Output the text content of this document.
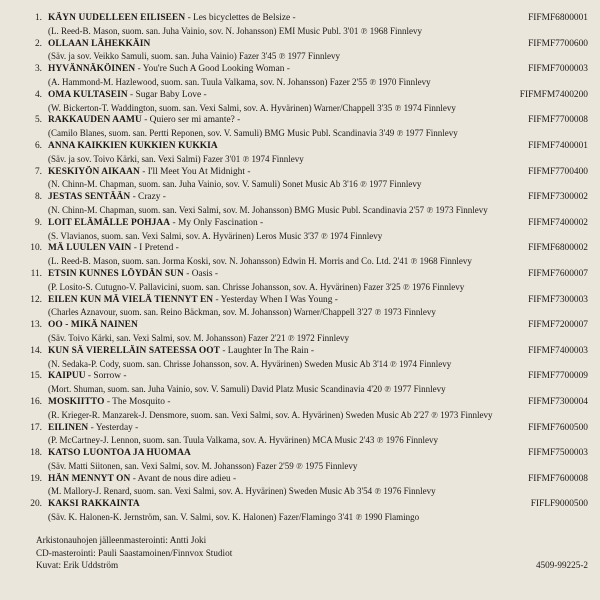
1. KÄYN UUDELLEEN EILISEEN - Les bicyclettes de Belsize -	FIFMF6800001
(L. Reed-B. Mason, suom. san. Juha Vainio, sov. N. Johansson) EMI Music Publ. 3'01 ℗ 1968 Finnlevy
2. OLLAAN LÄHEKKÄIN	FIFMF7700600
(Säv. ja sov. Veikko Samuli, suom. san. Juha Vainio) Fazer 3'45 ℗ 1977 Finnlevy
3. HYVÄNNÄKÖINEN - You're Such A Good Looking Woman -	FIFMF7000003
(A. Hammond-M. Hazlewood, suom. san. Tuula Valkama, sov. N. Johansson) Fazer 2'55 ℗ 1970 Finnlevy
4. OMA KULTASEIN - Sugar Baby Love -	FIFMFM7400200
(W. Bickerton-T. Waddington, suom. san. Vexi Salmi, sov. A. Hyvärinen) Warner/Chappell 3'35 ℗ 1974 Finnlevy
5. RAKKAUDEN AAMU - Quiero ser mi amante? -	FIFMF7700008
(Camilo Blanes, suom. san. Pertti Reponen, sov. V. Samuli) BMG Music Publ. Scandinavia 3'49 ℗ 1977 Finnlevy
6. ANNA KAIKKIEN KUKKIEN KUKKIA	FIFMF7400001
(Säv. ja sov. Toivo Kärki, san. Vexi Salmi) Fazer 3'01 ℗ 1974 Finnlevy
7. KESKIYÖN AIKAAN - I'll Meet You At Midnight -	FIFMF7700400
(N. Chinn-M. Chapman, suom. san. Juha Vainio, sov. V. Samuli) Sonet Music Ab 3'16 ℗ 1977 Finnlevy
8. JESTAS SENTÄÄN - Crazy -	FIFMF7300002
(N. Chinn-M. Chapman, suom. san. Vexi Salmi, sov. M. Johansson) BMG Music Publ. Scandinavia 2'57 ℗ 1973 Finnlevy
9. LOIT ELÄMÄLLE POHJAA - My Only Fascination -	FIFMF7400002
(S. Vlavianos, suom. san. Vexi Salmi, sov. A. Hyvärinen) Leros Music 3'37 ℗ 1974 Finnlevy
10. MÄ LUULEN VAIN - I Pretend -	FIFMF6800002
(L. Reed-B. Mason, suom. san. Jorma Koski, sov. N. Johansson) Edwin H. Morris and Co. Ltd. 2'41 ℗ 1968 Finnlevy
11. ETSIN KUNNES LÖYDÄN SUN - Oasis -	FIFMF7600007
(P. Losito-S. Cutugno-V. Pallavicini, suom. san. Chrisse Johansson, sov. A. Hyvärinen) Fazer 3'25 ℗ 1976 Finnlevy
12. EILEN KUN MÄ VIELÄ TIENNYT EN - Yesterday When I Was Young -	FIFMF7300003
(Charles Aznavour, suom. san. Reino Bäckman, sov. M. Johansson) Warner/Chappell 3'27 ℗ 1973 Finnlevy
13. OO - MIKÄ NAINEN	FIFMF7200007
(Säv. Toivo Kärki, san. Vexi Salmi, sov. M. Johansson) Fazer 2'21 ℗ 1972 Finnlevy
14. KUN SÄ VIERELLÄIN SATEESSA OOT - Laughter In The Rain -	FIFMF7400003
(N. Sedaka-P. Cody, suom. san. Chrisse Johansson, sov. A. Hyvärinen) Sweden Music Ab 3'14 ℗ 1974 Finnlevy
15. KAIPUU - Sorrow -	FIFMF7700009
(Mort. Shuman, suom. san. Juha Vainio, sov. V. Samuli) David Platz Music Scandinavia 4'20 ℗ 1977 Finnlevy
16. MOSKIITTO - The Mosquito -	FIFMF7300004
(R. Krieger-R. Manzarek-J. Densmore, suom. san. Vexi Salmi, sov. A. Hyvärinen) Sweden Music Ab 2'27 ℗ 1973 Finnlevy
17. EILINEN - Yesterday -	FIFMF7600500
(P. McCartney-J. Lennon, suom. san. Tuula Valkama, sov. A. Hyvärinen) MCA Music 2'43 ℗ 1976 Finnlevy
18. KATSO LUONTOA JA HUOMAA	FIFMF7500003
(Säv. Matti Siitonen, san. Vexi Salmi, sov. M. Johansson) Fazer 2'59 ℗ 1975 Finnlevy
19. HÄN MENNYT ON - Avant de nous dire adieu -	FIFMF7600008
(M. Mallory-J. Renard, suom. san. Vexi Salmi, sov. A. Hyvärinen) Sweden Music Ab 3'54 ℗ 1976 Finnlevy
20. KAKSI RAKKAINTA	FIFLF9000500
(Säv. K. Halonen-K. Jernström, san. V. Salmi, sov. K. Halonen) Fazer/Flamingo 3'41 ℗ 1990 Flamingo
Arkistonauhojen jälleenmasterointi: Antti Joki
CD-masterointi: Pauli Saastamoinen/Finnvox Studiot
Kuvat: Erik Uddström	4509-99225-2
